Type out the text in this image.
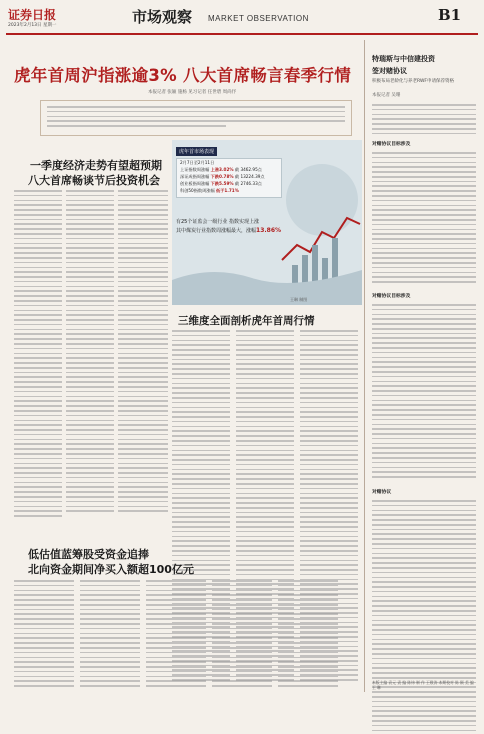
证券日报
2023年2月13日 星期一	市场观察 MARKET OBSERVATION	B1
虎年首周沪指涨逾3% 八大首席畅言春季行情
本报记者 张颖 施杨 见习记者 任世碧 周尚伃
一季度经济走势有望超预期
八大首席畅谈节后投资机会
虎年首市场表现
2月7日至2月11日
上证指数周涨幅 上涨3.02% 截 3462.95点
深证成指周涨幅 下跌0.78% 截 13224.39点
创业板指周涨幅 下跌5.59% 截 2746.33点
科创50指数周涨幅 低于1.71%
有25个证监会一级行业 指数实现上涨
其中煤炭行业指数周涨幅最大，涨幅13.86%
王琳 制图
三维度全面剖析虎年首周行情
低估值蓝筹股受资金追捧
北向资金期间净买入额超100亿元
特瑞斯与中信建投资
签对赌协议
积极布局老龄化与养老RWF申请保荐资格
本报记者 吴珊
对赌协议目标涉及
对赌协议目标涉及
对赌协议
本版主编 袁元 责 编 陈炜 制 作 王敬涛 本期校对 陈 颖 美 编 王 琳
